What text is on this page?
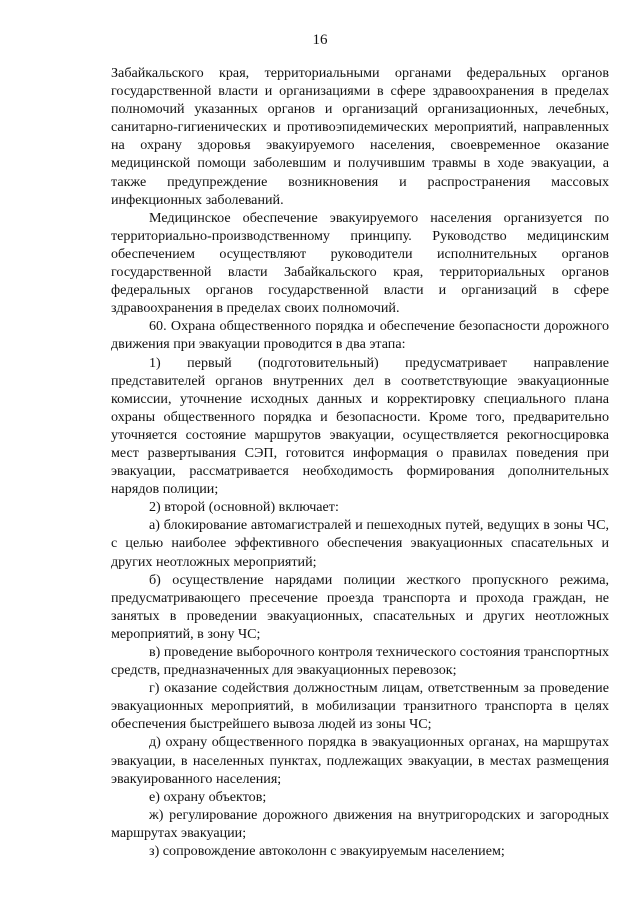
16

Забайкальского края, территориальными органами федеральных органов государственной власти и организациями в сфере здравоохранения в пределах полномочий указанных органов и организаций организационных, лечебных, санитарно-гигиенических и противоэпидемических мероприятий, направленных на охрану здоровья эвакуируемого населения, своевременное оказание медицинской помощи заболевшим и получившим травмы в ходе эвакуации, а также предупреждение возникновения и распространения массовых инфекционных заболеваний.

Медицинское обеспечение эвакуируемого населения организуется по территориально-производственному принципу. Руководство медицинским обеспечением осуществляют руководители исполнительных органов государственной власти Забайкальского края, территориальных органов федеральных органов государственной власти и организаций в сфере здравоохранения в пределах своих полномочий.

60. Охрана общественного порядка и обеспечение безопасности дорожного движения при эвакуации проводится в два этапа:

1) первый (подготовительный) предусматривает направление представителей органов внутренних дел в соответствующие эвакуационные комиссии, уточнение исходных данных и корректировку специального плана охраны общественного порядка и безопасности. Кроме того, предварительно уточняется состояние маршрутов эвакуации, осуществляется рекогносцировка мест развертывания СЭП, готовится информация о правилах поведения при эвакуации, рассматривается необходимость формирования дополнительных нарядов полиции;

2) второй (основной) включает:

а) блокирование автомагистралей и пешеходных путей, ведущих в зоны ЧС, с целью наиболее эффективного обеспечения эвакуационных спасательных и других неотложных мероприятий;

б) осуществление нарядами полиции жесткого пропускного режима, предусматривающего пресечение проезда транспорта и прохода граждан, не занятых в проведении эвакуационных, спасательных и других неотложных мероприятий, в зону ЧС;

в) проведение выборочного контроля технического состояния транспортных средств, предназначенных для эвакуационных перевозок;

г) оказание содействия должностным лицам, ответственным за проведение эвакуационных мероприятий, в мобилизации транзитного транспорта в целях обеспечения быстрейшего вывоза людей из зоны ЧС;

д) охрану общественного порядка в эвакуационных органах, на маршрутах эвакуации, в населенных пунктах, подлежащих эвакуации, в местах размещения эвакуированного населения;

е) охрану объектов;

ж) регулирование дорожного движения на внутригородских и загородных маршрутах эвакуации;

з) сопровождение автоколонн с эвакуируемым населением;
